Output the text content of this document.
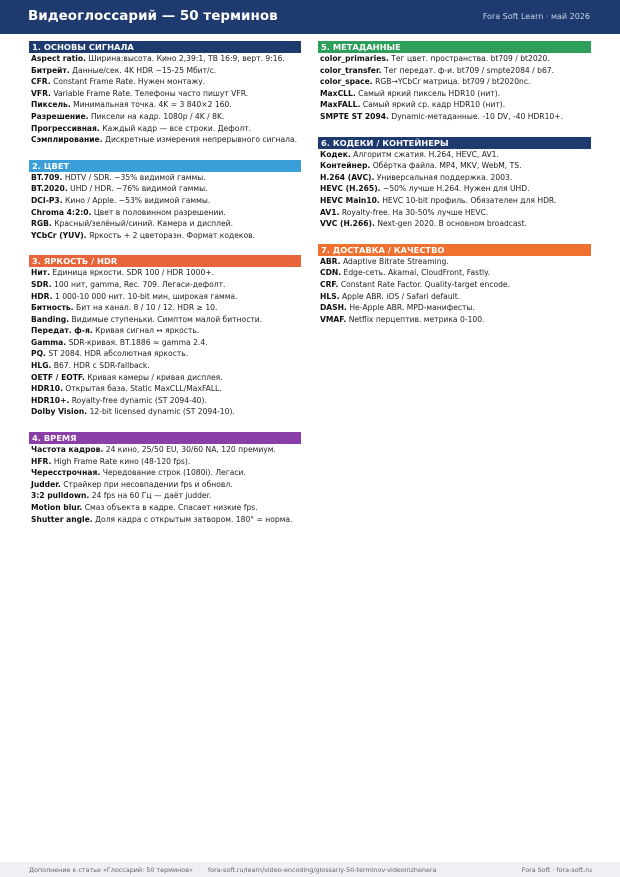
Видеоглоссарий — 50 терминов	Fora Soft Learn · май 2026
1. ОСНОВЫ СИГНАЛА
Aspect ratio. Ширина:высота. Кино 2,39:1, ТВ 16:9, верт. 9:16.
Битрейт. Данные/сек. 4K HDR ~15-25 Мбит/с.
CFR. Constant Frame Rate. Нужен монтажу.
VFR. Variable Frame Rate. Телефоны часто пишут VFR.
Пиксель. Минимальная точка. 4K = 3 840×2 160.
Разрешение. Пиксели на кадр. 1080p / 4K / 8K.
Прогрессивная. Каждый кадр — все строки. Дефолт.
Сэмплирование. Дискретные измерения непрерывного сигнала.
2. ЦВЕТ
BT.709. HDTV / SDR. ~35% видимой гаммы.
BT.2020. UHD / HDR. ~76% видимой гаммы.
DCI-P3. Кино / Apple. ~53% видимой гаммы.
Chroma 4:2:0. Цвет в половинном разрешении.
RGB. Красный/зелёный/синий. Камера и дисплей.
YCbCr (YUV). Яркость + 2 цветоразн. Формат кодеков.
3. ЯРКОСТЬ / HDR
Нит. Единица яркости. SDR 100 / HDR 1000+.
SDR. 100 нит, gamma, Rec. 709. Легаси-дефолт.
HDR. 1 000-10 000 нит. 10-bit мин, широкая гамма.
Битность. Бит на канал. 8 / 10 / 12. HDR ≥ 10.
Banding. Видимые ступеньки. Симптом малой битности.
Передат. ф-я. Кривая сигнал ↔ яркость.
Gamma. SDR-кривая. BT.1886 ≈ gamma 2.4.
PQ. ST 2084. HDR абсолютная яркость.
HLG. B67. HDR с SDR-fallback.
OETF / EOTF. Кривая камеры / кривая дисплея.
HDR10. Открытая база. Static MaxCLL/MaxFALL.
HDR10+. Royalty-free dynamic (ST 2094-40).
Dolby Vision. 12-bit licensed dynamic (ST 2094-10).
4. ВРЕМЯ
Частота кадров. 24 кино, 25/50 EU, 30/60 NA, 120 премиум.
HFR. High Frame Rate кино (48-120 fps).
Чересстрочная. Чередование строк (1080i). Легаси.
Judder. Страйкер при несовпадении fps и обновл.
3:2 pulldown. 24 fps на 60 Гц — даёт judder.
Motion blur. Смаз объекта в кадре. Спасает низкие fps.
Shutter angle. Доля кадра с открытым затвором. 180° = норма.
5. МЕТАДАННЫЕ
color_primaries. Тег цвет. пространства. bt709 / bt2020.
color_transfer. Тег передат. ф-и. bt709 / smpte2084 / b67.
color_space. RGB→YCbCr матрица. bt709 / bt2020nc.
MaxCLL. Самый яркий пиксель HDR10 (нит).
MaxFALL. Самый яркий ср. кадр HDR10 (нит).
SMPTE ST 2094. Dynamic-метаданные. -10 DV, -40 HDR10+.
6. КОДЕКИ / КОНТЕЙНЕРЫ
Кодек. Алгоритм сжатия. H.264, HEVC, AV1.
Контейнер. Обёртка файла. MP4, MKV, WebM, TS.
H.264 (AVC). Универсальная поддержка. 2003.
HEVC (H.265). ~50% лучше H.264. Нужен для UHD.
HEVC Main10. HEVC 10-bit профиль. Обязателен для HDR.
AV1. Royalty-free. На 30-50% лучше HEVC.
VVC (H.266). Next-gen 2020. В основном broadcast.
7. ДОСТАВКА / КАЧЕСТВО
ABR. Adaptive Bitrate Streaming.
CDN. Edge-сеть. Akamai, CloudFront, Fastly.
CRF. Constant Rate Factor. Quality-target encode.
HLS. Apple ABR. iOS / Safari default.
DASH. Не-Apple ABR. MPD-манифесты.
VMAF. Netflix перцептив. метрика 0-100.
Дополнение к статье «Глоссарий: 50 терминов» fora-soft.ru/learn/video-encoding/glossariy-50-terminov-videoinzhenera	Fora Soft · fora-soft.ru
